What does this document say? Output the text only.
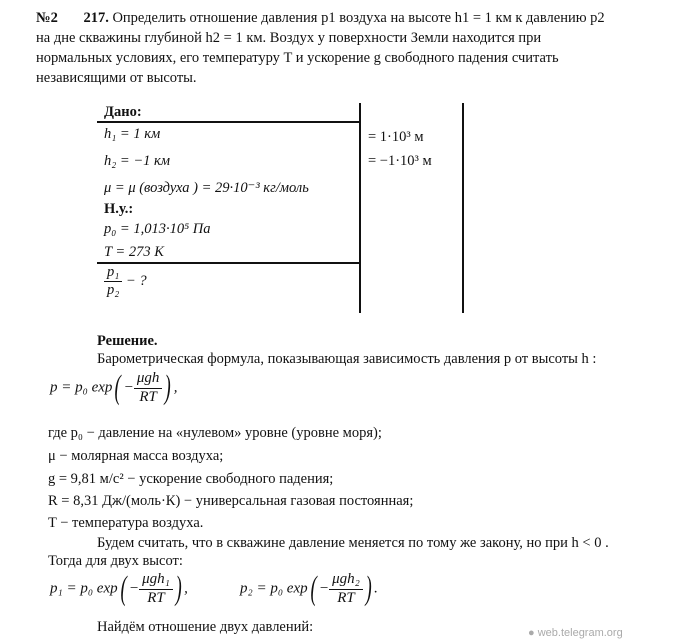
№2 217. Определить отношение давления p1 воздуха на высоте h1 = 1 км к давлению p2
на дне скважины глубиной h2 = 1 км. Воздух у поверхности Земли находится при
нормальных условиях, его температуру T и ускорение g свободного падения считать
независящими от высоты.
Дано:
h₁ = 1 км
h₂ = −1 км
μ = μ (воздуха ) = 29·10⁻³ кг/моль
Н.у.:
p₀ = 1,013·10⁵ Па
T = 273 К
$\frac{\text{p₁}}{\text{p₂}}$ − ?
= 1·10³ м
= −1·10³ м
Решение.
Барометрическая формула, показывающая зависимость давления p от высоты h :
p = p₀ $\exp( - \frac{\text{μgh}}{RT}$ ) ,
где p₀ − давление на «нулевом» уровне (уровне моря);
μ − молярная масса воздуха;
g = 9,81 м/с² − ускорение свободного падения;
R = 8,31 Дж/(моль·К) − универсальная газовая постоянная;
T − температура воздуха.
Будем считать, что в скважине давление меняется по тому же закону, но при h < 0 .
Тогда для двух высот:
p₁ = p₀ $\exp( - \frac{\text{μgh₁}}{RT}$ ) ,	p₂ = p₀ $\exp( - \frac{\text{μgh₂}}{RT}$ ) .
Найдём отношение двух давлений:	● web.telegram.org
